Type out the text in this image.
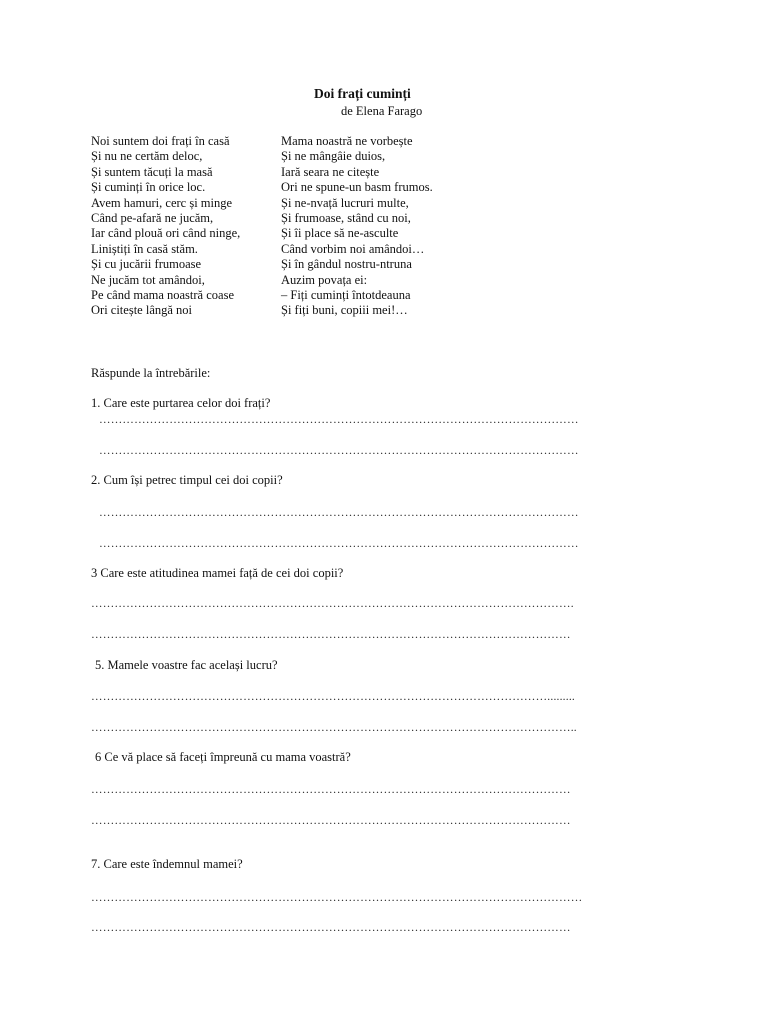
Doi frați cuminți
de Elena Farago
Noi suntem doi frați în casă
Și nu ne certăm deloc,
Și suntem tăcuți la masă
Și cuminți în orice loc.
Avem hamuri, cerc și minge
Când pe-afară ne jucăm,
Iar când plouă ori când ninge,
Liniștiți în casă stăm.
Și cu jucării frumoase
Ne jucăm tot amândoi,
Pe când mama noastră coase
Ori citește lângă noi
Mama noastră ne vorbește
Și ne mângâie duios,
Iară seara ne citește
Ori ne spune-un basm frumos.
Și ne-nvață lucruri multe,
Și frumoase, stând cu noi,
Și îi place să ne-asculte
Când vorbim noi amândoi…
Și în gândul nostru-ntruna
Auzim povața ei:
– Fiți cuminți întotdeauna
Și fiți buni, copiii mei!…
Răspunde la întrebările:
1. Care este purtarea celor doi frați?
……………………………………………………………………………………………………………
……………………………………………………………………………………………………………
2. Cum își petrec timpul cei doi copii?
……………………………………………………………………………………………………………
……………………………………………………………………………………………………………
3 Care este atitudinea mamei față de cei doi copii?
…………………………………………………………………………………………………………….
……………………………………………………………………………………………………………
5. Mamele voastre fac același lucru?
……………………………………………………………………………………………………….........
……………………………………………………………………………………………………………..
6 Ce vă place să faceți împreună cu mama voastră?
……………………………………………………………………………………………………………
……………………………………………………………………………………………………………
7. Care este îndemnul mamei?
………………………………………………………………………………………………………………
……………………………………………………………………………………………………………
